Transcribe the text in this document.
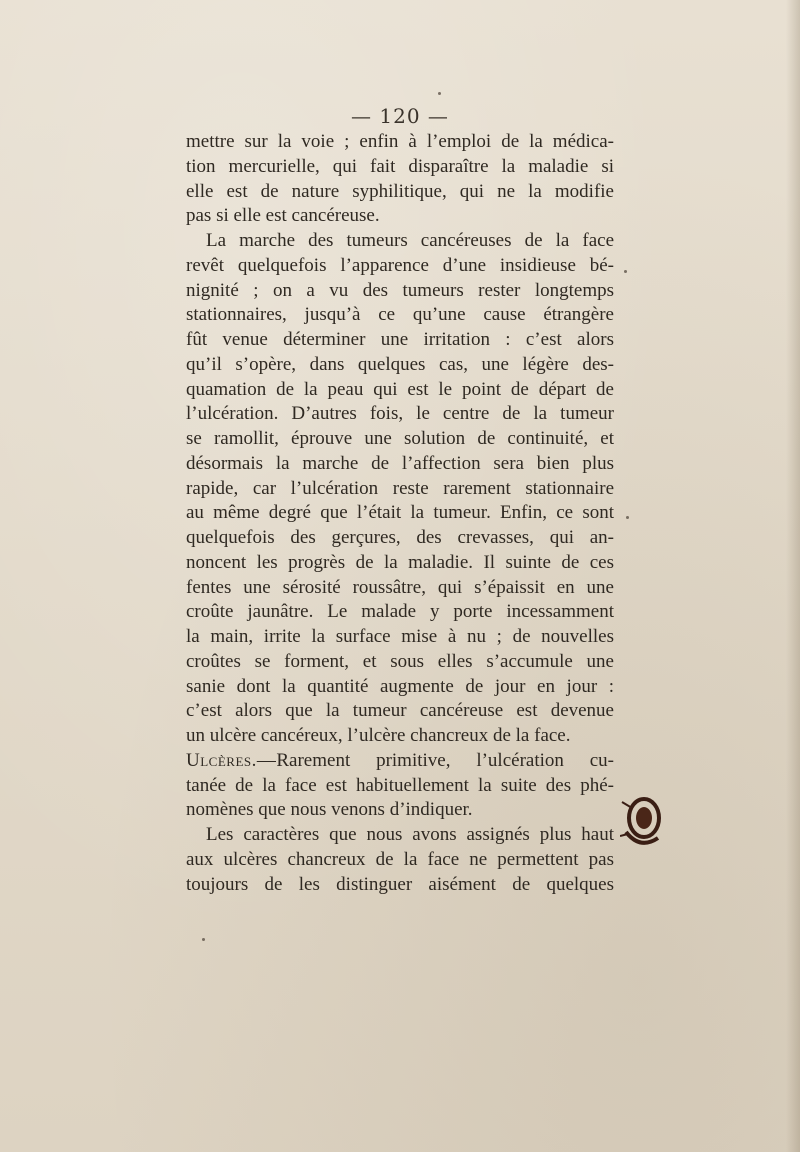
— 120 —
mettre sur la voie ; enfin à l’emploi de la médica-
tion mercurielle, qui fait disparaître la maladie si
elle est de nature syphilitique, qui ne la modifie
pas si elle est cancéreuse.
La marche des tumeurs cancéreuses de la face
revêt quelquefois l’apparence d’une insidieuse bé-
nignité ; on a vu des tumeurs rester longtemps
stationnaires, jusqu’à ce qu’une cause étrangère
fût venue déterminer une irritation : c’est alors
qu’il s’opère, dans quelques cas, une légère des-
quamation de la peau qui est le point de départ de
l’ulcération. D’autres fois, le centre de la tumeur
se ramollit, éprouve une solution de continuité, et
désormais la marche de l’affection sera bien plus
rapide, car l’ulcération reste rarement stationnaire
au même degré que l’était la tumeur. Enfin, ce sont
quelquefois des gerçures, des crevasses, qui an-
noncent les progrès de la maladie. Il suinte de ces
fentes une sérosité roussâtre, qui s’épaissit en une
croûte jaunâtre. Le malade y porte incessamment
la main, irrite la surface mise à nu ; de nouvelles
croûtes se forment, et sous elles s’accumule une
sanie dont la quantité augmente de jour en jour :
c’est alors que la tumeur cancéreuse est devenue
un ulcère cancéreux, l’ulcère chancreux de la face.
Ulcères.—Rarement primitive, l’ulcération cu-
tanée de la face est habituellement la suite des phé-
nomènes que nous venons d’indiquer.
Les caractères que nous avons assignés plus haut
aux ulcères chancreux de la face ne permettent pas
toujours de les distinguer aisément de quelques
